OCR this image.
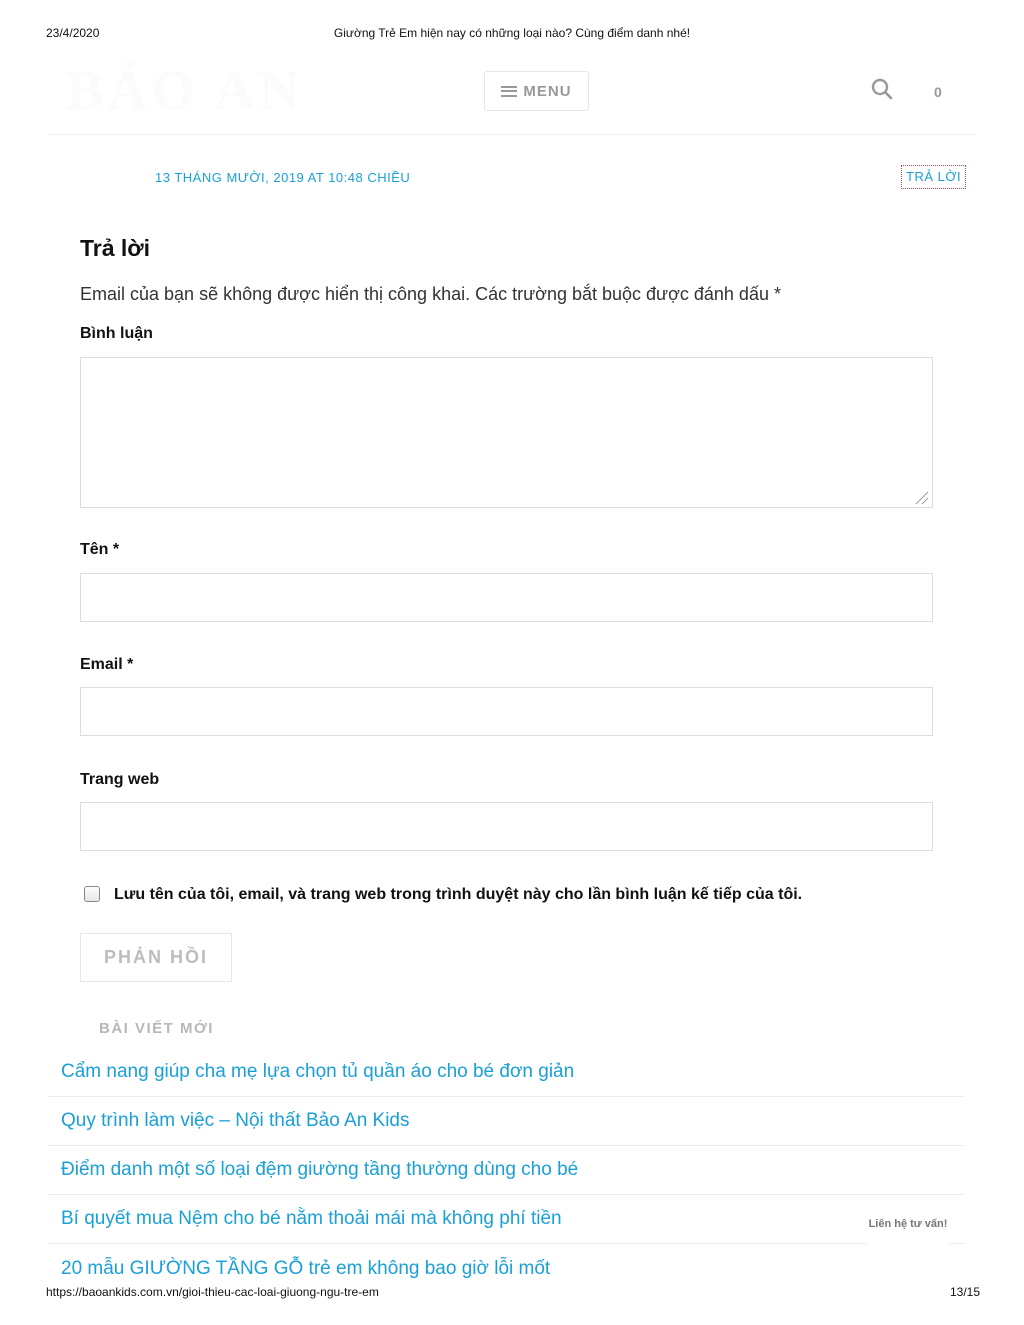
23/4/2020	Giường Trẻ Em hiện nay có những loại nào? Cùng điểm danh nhé!
BẢO AN	MENU	0
13 THÁNG MƯỜI, 2019 AT 10:48 CHIỀU	TRẢ LỜI
Trả lời

Email của bạn sẽ không được hiển thị công khai. Các trường bắt buộc được đánh dấu *

Bình luận
Tên *
Email *
Trang web
Lưu tên của tôi, email, và trang web trong trình duyệt này cho lần bình luận kế tiếp của tôi.
PHẢN HỒI
BÀI VIẾT MỚI
Cẩm nang giúp cha mẹ lựa chọn tủ quần áo cho bé đơn giản
Quy trình làm việc – Nội thất Bảo An Kids
Điểm danh một số loại đệm giường tầng thường dùng cho bé
Bí quyết mua Nệm cho bé nằm thoải mái mà không phí tiền
20 mẫu GIƯỜNG TẦNG GỖ trẻ em không bao giờ lỗi mốt
Liên hệ tư vấn!
https://baoankids.com.vn/gioi-thieu-cac-loai-giuong-ngu-tre-em	13/15
